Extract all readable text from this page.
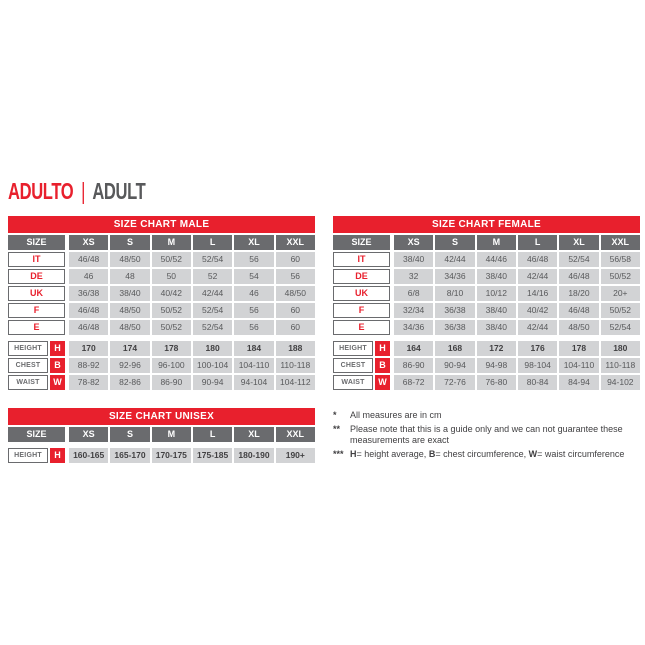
ADULTO | ADULT
SIZE CHART MALE
SIZE	XS	S	M	L	XL	XXL
IT	46/48	48/50	50/52	52/54	56	60
DE	46	48	50	52	54	56
UK	36/38	38/40	40/42	42/44	46	48/50
F	46/48	48/50	50/52	52/54	56	60
E	46/48	48/50	50/52	52/54	56	60
HEIGHT	H	170	174	178	180	184	188
CHEST	B	88-92	92-96	96-100	100-104	104-110	110-118
WAIST	W	78-82	82-86	86-90	90-94	94-104	104-112
SIZE CHART FEMALE
SIZE	XS	S	M	L	XL	XXL
IT	38/40	42/44	44/46	46/48	52/54	56/58
DE	32	34/36	38/40	42/44	46/48	50/52
UK	6/8	8/10	10/12	14/16	18/20	20+
F	32/34	36/38	38/40	40/42	46/48	50/52
E	34/36	36/38	38/40	42/44	48/50	52/54
HEIGHT	H	164	168	172	176	178	180
CHEST	B	86-90	90-94	94-98	98-104	104-110	110-118
WAIST	W	68-72	72-76	76-80	80-84	84-94	94-102
SIZE CHART UNISEX
SIZE	XS	S	M	L	XL	XXL
HEIGHT	H	160-165	165-170	170-175	175-185	180-190	190+
*	All measures are in cm
**	Please note that this is a guide only and we can not guarantee these measurements are exact
*** H= height average, B= chest circumference, W= waist circumference
